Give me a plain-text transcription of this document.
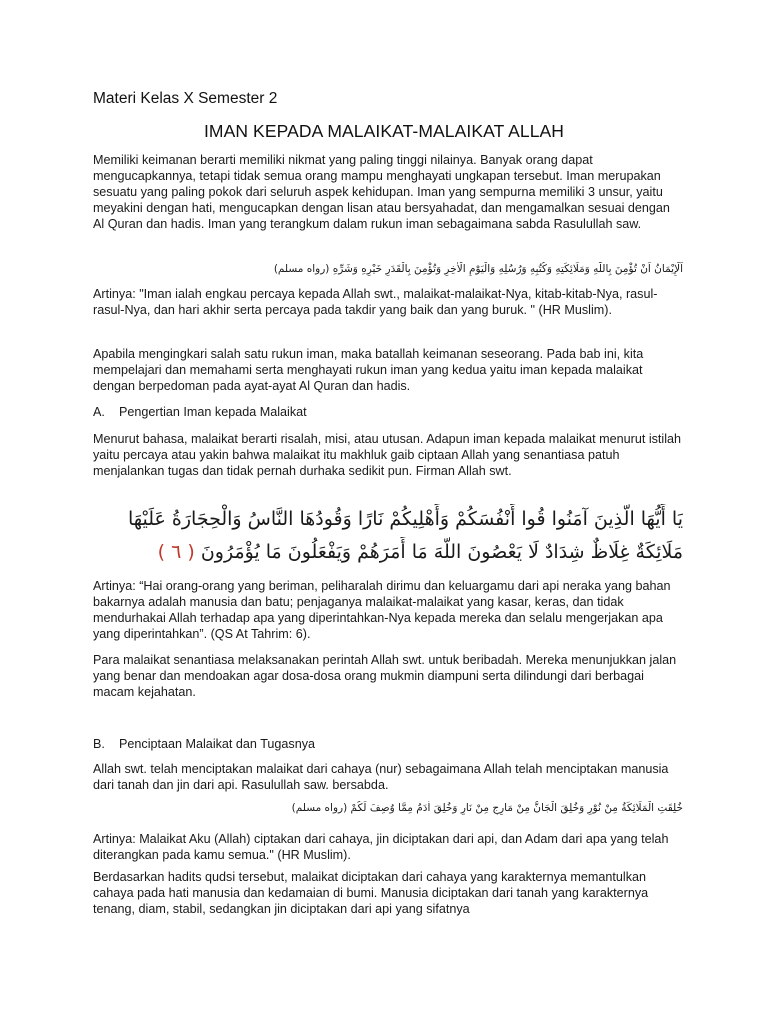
Materi Kelas X Semester 2
IMAN KEPADA MALAIKAT-MALAIKAT ALLAH

Memiliki keimanan berarti memiliki nikmat yang paling tinggi nilainya. Banyak orang dapat mengucapkannya, tetapi tidak semua orang mampu menghayati ungkapan tersebut. Iman merupakan sesuatu yang paling pokok dari seluruh aspek kehidupan. Iman yang sempurna memiliki 3 unsur, yaitu meyakini dengan hati, mengucapkan dengan lisan atau bersyahadat, dan mengamalkan sesuai dengan Al Quran dan hadis. Iman yang terangkum dalam rukun iman sebagaimana sabda Rasulullah saw.

اَلْإِيْمَانُ اَنْ تُؤْمِنَ بِاللّٰهِ وَمَلَائِكَتِهِ وَكُتُبِهِ وَرُسُلِهِ وَالْيَوْمِ الْاٰخِرِ وَتُؤْمِنَ بِالْقَدَرِ خَيْرِهِ وَشَرِّهِ (رواه مسلم)

Artinya: "Iman ialah engkau percaya kepada Allah swt., malaikat-malaikat-Nya, kitab-kitab-Nya, rasul-rasul-Nya, dan hari akhir serta percaya pada takdir yang baik dan yang buruk. " (HR Muslim).

Apabila mengingkari salah satu rukun iman, maka batallah keimanan seseorang. Pada bab ini, kita mempelajari dan memahami serta menghayati rukun iman yang kedua yaitu iman kepada malaikat dengan berpedoman pada ayat-ayat Al Quran dan hadis.

A. Pengertian Iman kepada Malaikat

Menurut bahasa, malaikat berarti risalah, misi, atau utusan. Adapun iman kepada malaikat menurut istilah yaitu percaya atau yakin bahwa malaikat itu makhluk gaib ciptaan Allah yang senantiasa patuh menjalankan tugas dan tidak pernah durhaka sedikit pun. Firman Allah swt.

يَا أَيُّهَا الَّذِينَ آمَنُوا قُوا أَنْفُسَكُمْ وَأَهْلِيكُمْ نَارًا وَقُودُهَا النَّاسُ وَالْحِجَارَةُ عَلَيْهَا
مَلَائِكَةٌ غِلَاظٌ شِدَادٌ لَا يَعْصُونَ اللَّهَ مَا أَمَرَهُمْ وَيَفْعَلُونَ مَا يُؤْمَرُونَ ( ٦ )

Artinya: “Hai orang-orang yang beriman, peliharalah dirimu dan keluargamu dari api neraka yang bahan bakarnya adalah manusia dan batu; penjaganya malaikat-malaikat yang kasar, keras, dan tidak mendurhakai Allah terhadap apa yang diperintahkan-Nya kepada mereka dan selalu mengerjakan apa yang diperintahkan”. (QS At Tahrim: 6).

Para malaikat senantiasa melaksanakan perintah Allah swt. untuk beribadah. Mereka menunjukkan jalan yang benar dan mendoakan agar dosa-dosa orang mukmin diampuni serta dilindungi dari berbagai macam kejahatan.

B. Penciptaan Malaikat dan Tugasnya

Allah swt. telah menciptakan malaikat dari cahaya (nur) sebagaimana Allah telah menciptakan manusia dari tanah dan jin dari api. Rasulullah saw. bersabda.

خُلِقَتِ الْمَلَائِكَةُ مِنْ نُوْرٍ وَخُلِقَ الْجَانُّ مِنْ مَارِجٍ مِنْ نَارٍ وَخُلِقَ اٰدَمُ مِمَّا وُصِفَ لَكُمْ (رواه مسلم)

Artinya: Malaikat Aku (Allah) ciptakan dari cahaya, jin diciptakan dari api, dan Adam dari apa yang telah diterangkan pada kamu semua." (HR Muslim).

Berdasarkan hadits qudsi tersebut, malaikat diciptakan dari cahaya yang karakternya memantulkan cahaya pada hati manusia dan kedamaian di bumi. Manusia diciptakan dari tanah yang karakternya tenang, diam, stabil, sedangkan jin diciptakan dari api yang sifatnya
